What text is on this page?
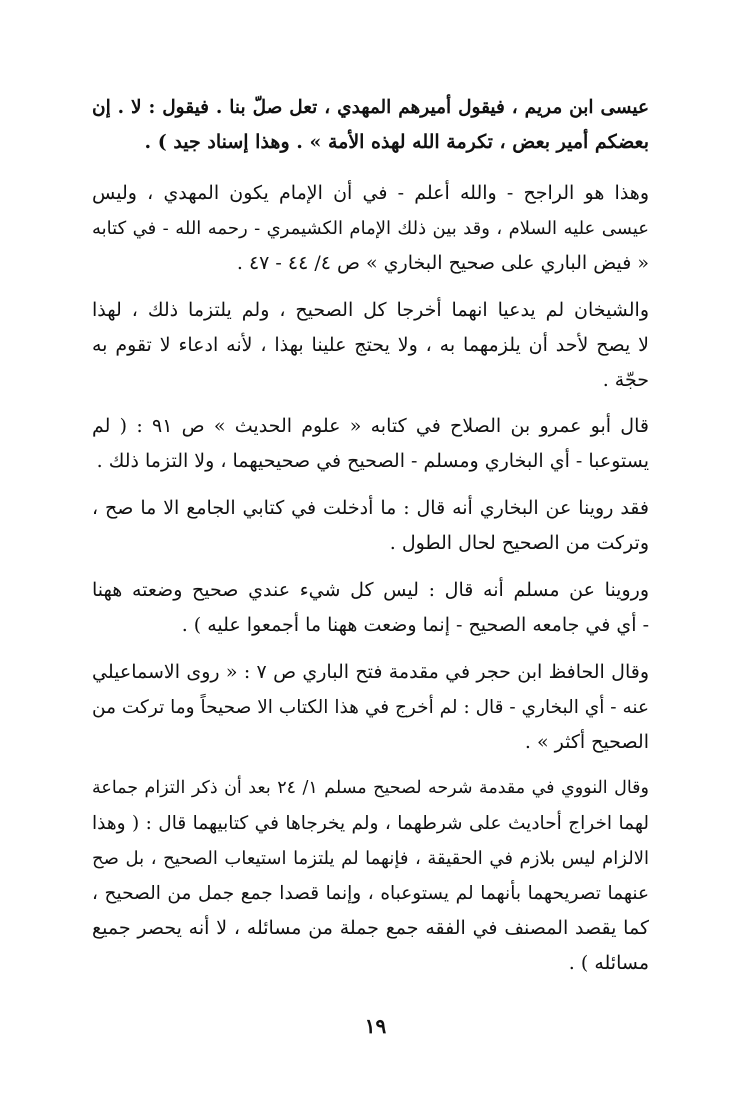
عيسى ابن مريم ، فيقول أميرهم المهدي ، تعل صلّ بنا . فيقول : لا . إن
بعضكم أمير بعض ، تكرمة الله لهذه الأمة » . وهذا إسناد جيد ) .
وهذا هو الراجح - والله أعلم - في أن الإمام يكون المهدي ، وليس
عيسى عليه السلام ، وقد بين ذلك الإمام الكشيمري - رحمه الله - في كتابه
« فيض الباري على صحيح البخاري » ص ٤/ ٤٤ - ٤٧ .
والشيخان لم يدعيا انهما أخرجا كل الصحيح ، ولم يلتزما ذلك ، لهذا
لا يصح لأحد أن يلزمهما به ، ولا يحتج علينا بهذا ، لأنه ادعاء لا تقوم به
حجّة .
قال أبو عمرو بن الصلاح في كتابه « علوم الحديث » ص ٩١ : ( لم
يستوعبا - أي البخاري ومسلم - الصحيح في صحيحيهما ، ولا التزما ذلك .
فقد روينا عن البخاري أنه قال : ما أدخلت في كتابي الجامع الا ما صح ،
وتركت من الصحيح لحال الطول .
وروينا عن مسلم أنه قال : ليس كل شيء عندي صحيح وضعته ههنا
- أي في جامعه الصحيح - إنما وضعت ههنا ما أجمعوا عليه ) .
وقال الحافظ ابن حجر في مقدمة فتح الباري ص ٧ : « روى الاسماعيلي
عنه - أي البخاري - قال : لم أخرج في هذا الكتاب الا صحيحاً وما تركت من
الصحيح أكثر » .
وقال النووي في مقدمة شرحه لصحيح مسلم ١/ ٢٤ بعد أن ذكر التزام جماعة
لهما اخراج أحاديث على شرطهما ، ولم يخرجاها في كتابيهما قال : ( وهذا
الالزام ليس بلازم في الحقيقة ، فإنهما لم يلتزما استيعاب الصحيح ، بل صح
عنهما تصريحهما بأنهما لم يستوعباه ، وإنما قصدا جمع جمل من الصحيح ،
كما يقصد المصنف في الفقه جمع جملة من مسائله ، لا أنه يحصر جميع
مسائله ) .
١٩
